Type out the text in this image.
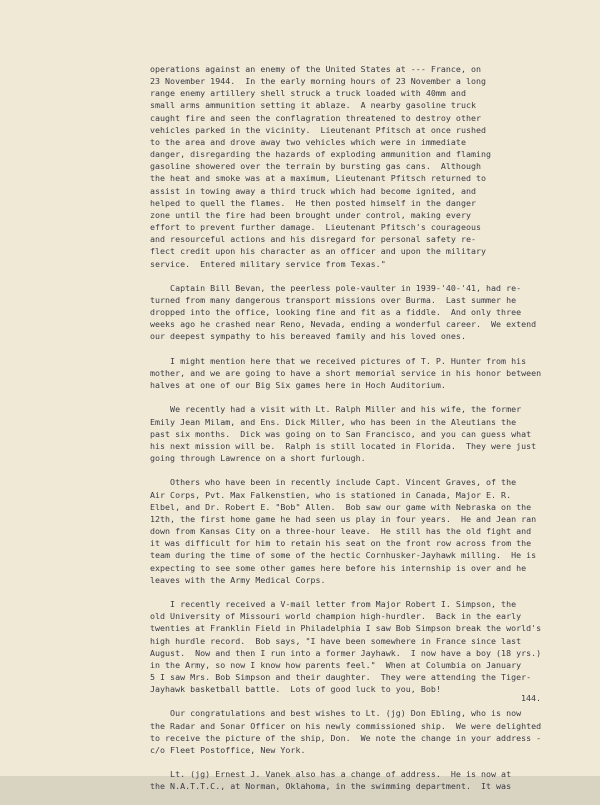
operations against an enemy of the United States at --- France, on
23 November 1944.  In the early morning hours of 23 November a long
range enemy artillery shell struck a truck loaded with 40mm and
small arms ammunition setting it ablaze.  A nearby gasoline truck
caught fire and seen the conflagration threatened to destroy other
vehicles parked in the vicinity.  Lieutenant Pfitsch at once rushed
to the area and drove away two vehicles which were in immediate
danger, disregarding the hazards of exploding ammunition and flaming
gasoline showered over the terrain by bursting gas cans.  Although
the heat and smoke was at a maximum, Lieutenant Pfitsch returned to
assist in towing away a third truck which had become ignited, and
helped to quell the flames.  He then posted himself in the danger
zone until the fire had been brought under control, making every
effort to prevent further damage.  Lieutenant Pfitsch's courageous
and resourceful actions and his disregard for personal safety re-
flect credit upon his character as an officer and upon the military
service.  Entered military service from Texas."
Captain Bill Bevan, the peerless pole-vaulter in 1939-'40-'41, had re-
turned from many dangerous transport missions over Burma.  Last summer he
dropped into the office, looking fine and fit as a fiddle.  And only three
weeks ago he crashed near Reno, Nevada, ending a wonderful career.  We extend
our deepest sympathy to his bereaved family and his loved ones.
I might mention here that we received pictures of T. P. Hunter from his
mother, and we are going to have a short memorial service in his honor between
halves at one of our Big Six games here in Hoch Auditorium.
We recently had a visit with Lt. Ralph Miller and his wife, the former
Emily Jean Milam, and Ens. Dick Miller, who has been in the Aleutians the
past six months.  Dick was going on to San Francisco, and you can guess what
his next mission will be.  Ralph is still located in Florida.  They were just
going through Lawrence on a short furlough.
Others who have been in recently include Capt. Vincent Graves, of the
Air Corps, Pvt. Max Falkenstien, who is stationed in Canada, Major E. R.
Elbel, and Dr. Robert E. "Bob" Allen.  Bob saw our game with Nebraska on the
12th, the first home game he had seen us play in four years.  He and Jean ran
down from Kansas City on a three-hour leave.  He still has the old fight and
it was difficult for him to retain his seat on the front row across from the
team during the time of some of the hectic Cornhusker-Jayhawk milling.  He is
expecting to see some other games here before his internship is over and he
leaves with the Army Medical Corps.
I recently received a V-mail letter from Major Robert I. Simpson, the
old University of Missouri world champion high-hurdler.  Back in the early
twenties at Franklin Field in Philadelphia I saw Bob Simpson break the world's
high hurdle record.  Bob says, "I have been somewhere in France since last
August.  Now and then I run into a former Jayhawk.  I now have a boy (18 yrs.)
in the Army, so now I know how parents feel."  When at Columbia on January
5 I saw Mrs. Bob Simpson and their daughter.  They were attending the Tiger-
Jayhawk basketball battle.  Lots of good luck to you, Bob!
Our congratulations and best wishes to Lt. (jg) Don Ebling, who is now
the Radar and Sonar Officer on his newly commissioned ship.  We were delighted
to receive the picture of the ship, Don.  We note the change in your address -
c/o Fleet Postoffice, New York.
Lt. (jg) Ernest J. Vanek also has a change of address.  He is now at
the N.A.T.T.C., at Norman, Oklahoma, in the swimming department.  It was
144.
